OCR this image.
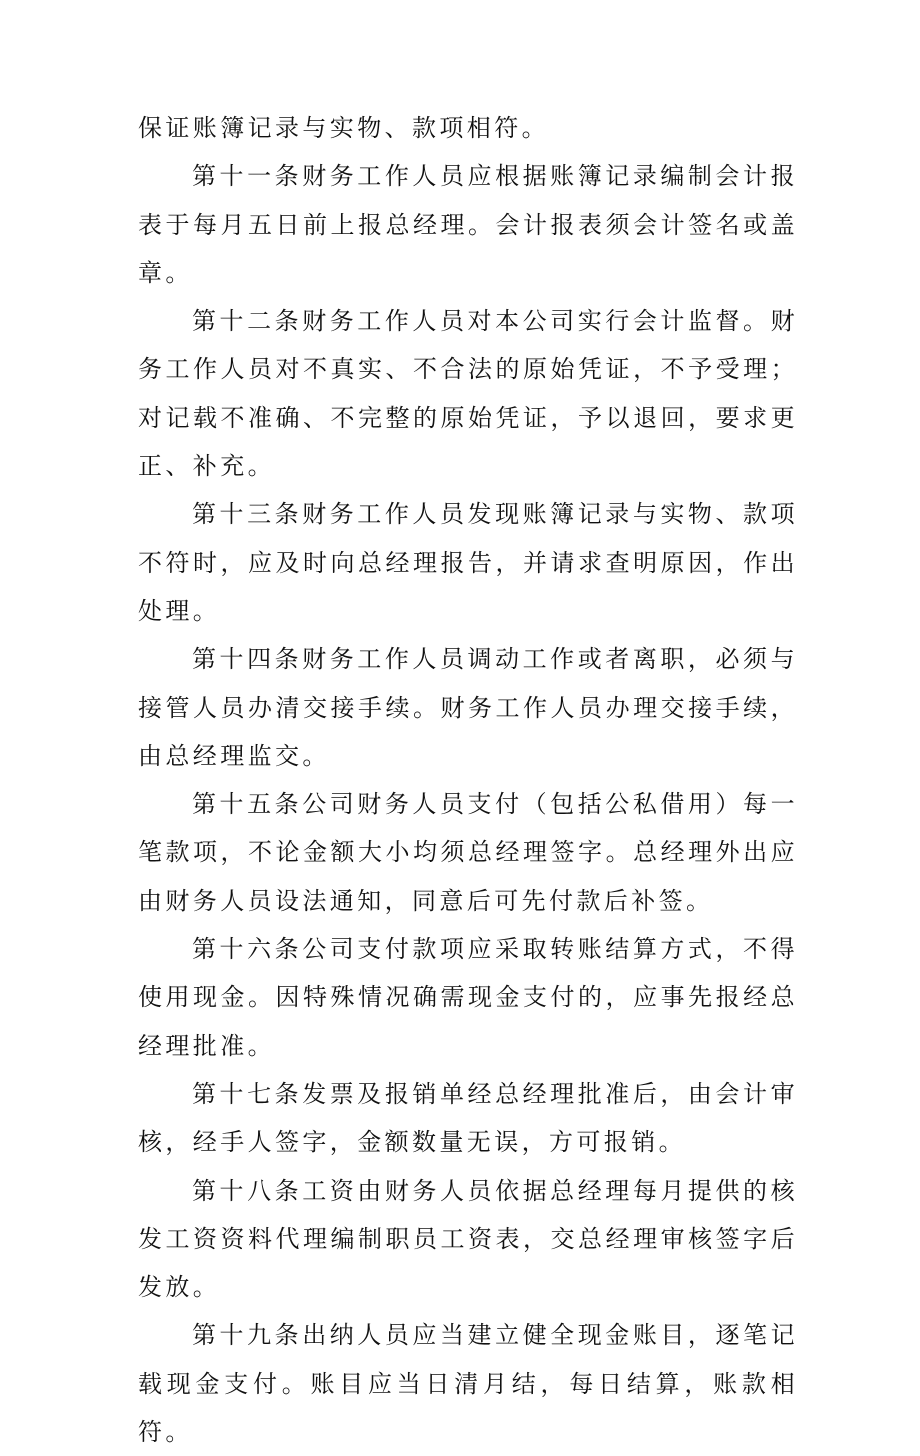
保证账簿记录与实物、款项相符。

第十一条财务工作人员应根据账簿记录编制会计报表于每月五日前上报总经理。会计报表须会计签名或盖章。

第十二条财务工作人员对本公司实行会计监督。财务工作人员对不真实、不合法的原始凭证，不予受理；对记载不准确、不完整的原始凭证，予以退回，要求更正、补充。

第十三条财务工作人员发现账簿记录与实物、款项不符时，应及时向总经理报告，并请求查明原因，作出处理。

第十四条财务工作人员调动工作或者离职，必须与接管人员办清交接手续。财务工作人员办理交接手续，由总经理监交。

第十五条公司财务人员支付（包括公私借用）每一笔款项，不论金额大小均须总经理签字。总经理外出应由财务人员设法通知，同意后可先付款后补签。

第十六条公司支付款项应采取转账结算方式，不得使用现金。因特殊情况确需现金支付的，应事先报经总经理批准。

第十七条发票及报销单经总经理批准后，由会计审核，经手人签字，金额数量无误，方可报销。

第十八条工资由财务人员依据总经理每月提供的核发工资资料代理编制职员工资表，交总经理审核签字后发放。

第十九条出纳人员应当建立健全现金账目，逐笔记载现金支付。账目应当日清月结，每日结算，账款相符。
